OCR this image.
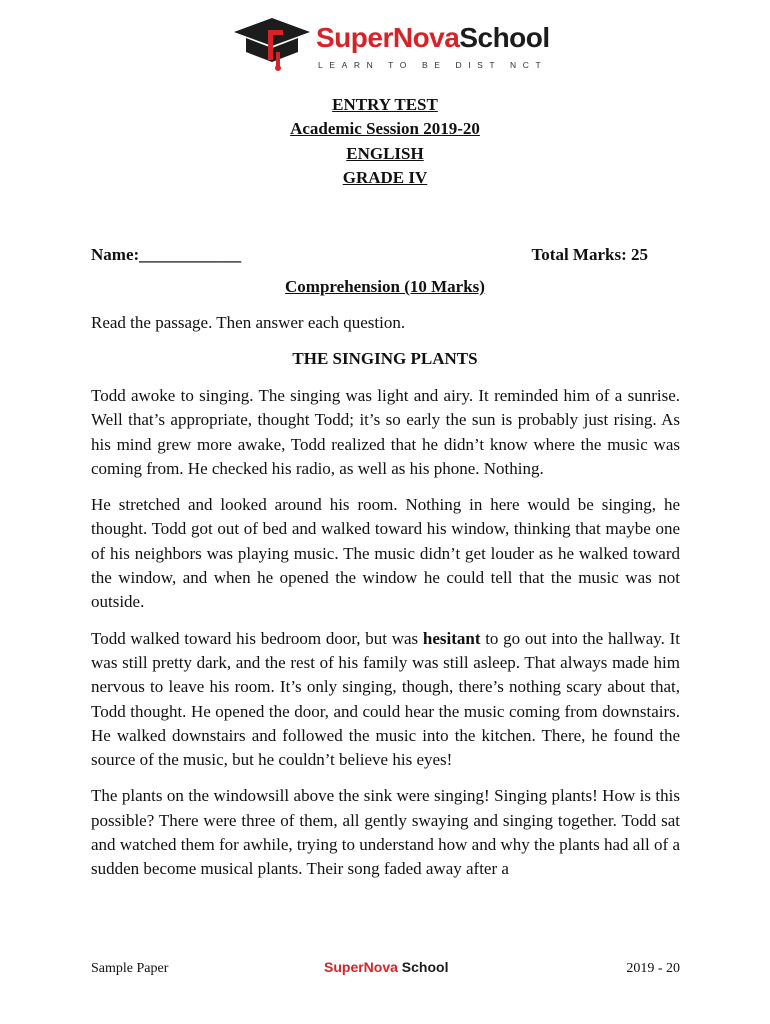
SuperNovaSchool
LEARN TO BE DIST NCT
ENTRY TEST
Academic Session 2019-20
ENGLISH
GRADE IV
Name:____________	Total Marks: 25
Comprehension (10 Marks)
Read the passage. Then answer each question.
THE SINGING PLANTS

Todd awoke to singing. The singing was light and airy. It reminded him of a sunrise. Well that’s appropriate, thought Todd; it’s so early the sun is probably just rising. As his mind grew more awake, Todd realized that he didn’t know where the music was coming from. He checked his radio, as well as his phone. Nothing.

He stretched and looked around his room. Nothing in here would be singing, he thought. Todd got out of bed and walked toward his window, thinking that maybe one of his neighbors was playing music. The music didn’t get louder as he walked toward the window, and when he opened the window he could tell that the music was not outside.

Todd walked toward his bedroom door, but was hesitant to go out into the hallway. It was still pretty dark, and the rest of his family was still asleep. That always made him nervous to leave his room. It’s only singing, though, there’s nothing scary about that, Todd thought. He opened the door, and could hear the music coming from downstairs. He walked downstairs and followed the music into the kitchen. There, he found the source of the music, but he couldn’t believe his eyes!

The plants on the windowsill above the sink were singing! Singing plants! How is this possible? There were three of them, all gently swaying and singing together. Todd sat and watched them for awhile, trying to understand how and why the plants had all of a sudden become musical plants. Their song faded away after a

Sample Paper	SuperNova School	2019 - 20
